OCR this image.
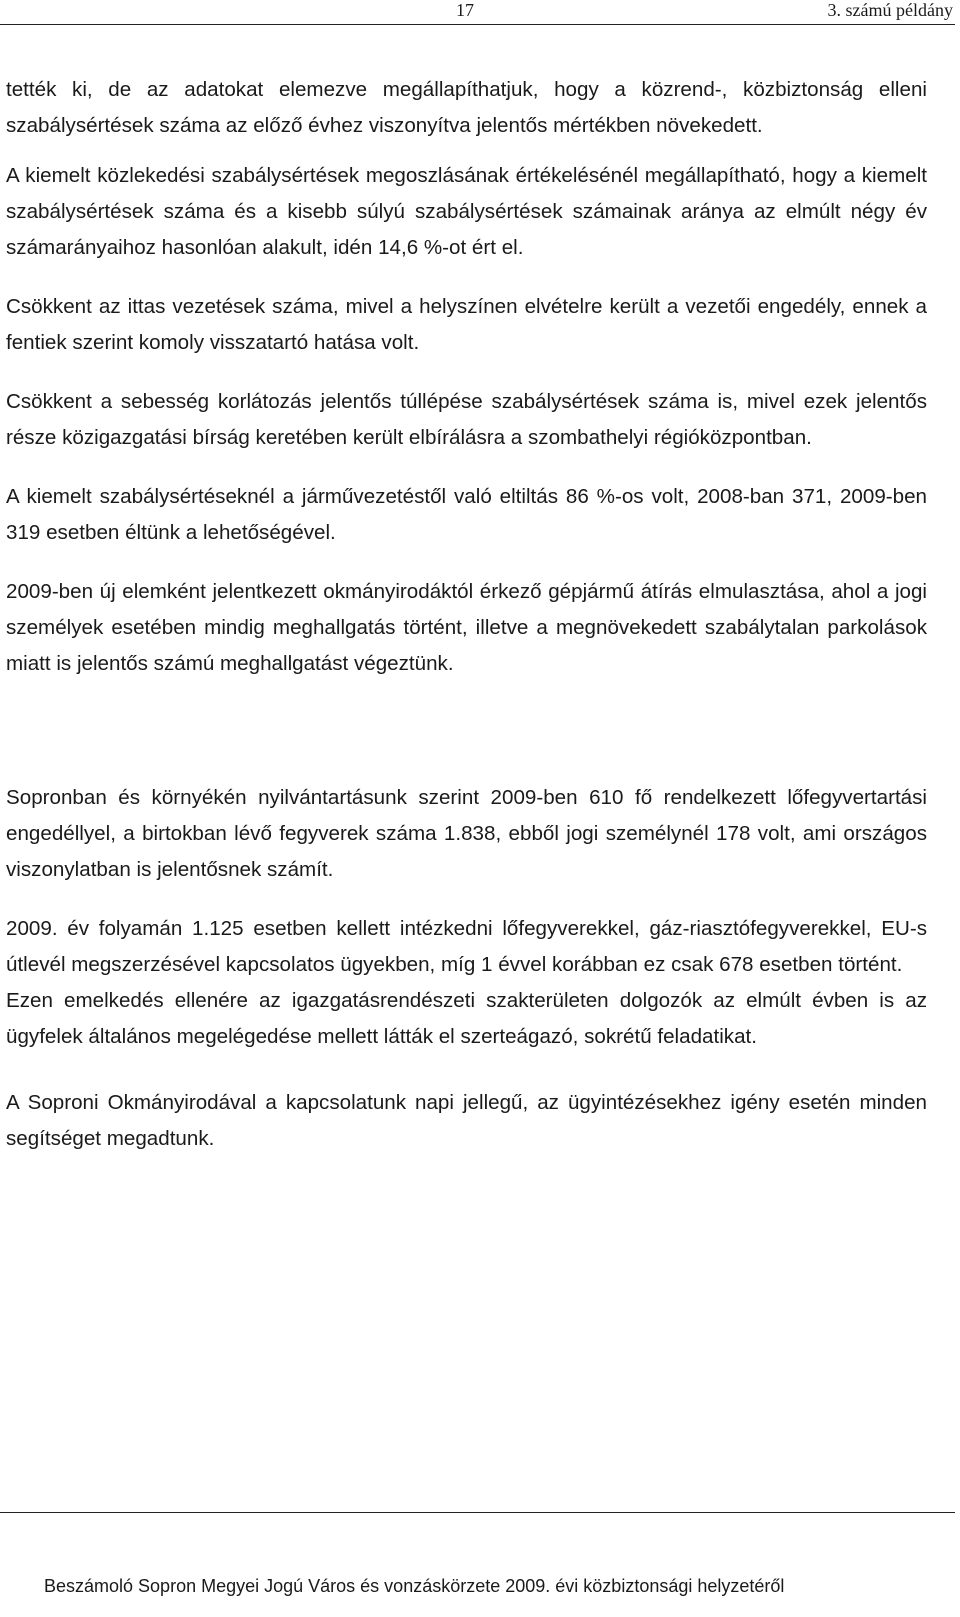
17	3. számú példány

tették ki, de az adatokat elemezve megállapíthatjuk, hogy a közrend-, közbiztonság elleni szabálysértések száma az előző évhez viszonyítva jelentős mértékben növekedett.

A kiemelt közlekedési szabálysértések megoszlásának értékelésénél megállapítható, hogy a kiemelt szabálysértések száma és a kisebb súlyú szabálysértések számainak aránya az elmúlt négy év számarányaihoz hasonlóan alakult, idén 14,6 %-ot ért el.

Csökkent az ittas vezetések száma, mivel a helyszínen elvételre került a vezetői engedély, ennek a fentiek szerint komoly visszatartó hatása volt.

Csökkent a sebesség korlátozás jelentős túllépése szabálysértések száma is, mivel ezek jelentős része közigazgatási bírság keretében került elbírálásra a szombathelyi régióközpontban.

A kiemelt szabálysértéseknél a járművezetéstől való eltiltás 86 %-os volt, 2008-ban 371, 2009-ben 319 esetben éltünk a lehetőségével.

2009-ben új elemként jelentkezett okmányirodáktól érkező gépjármű átírás elmulasztása, ahol a jogi személyek esetében mindig meghallgatás történt, illetve a megnövekedett szabálytalan parkolások miatt is jelentős számú meghallgatást végeztünk.

Sopronban és környékén nyilvántartásunk szerint 2009-ben 610 fő rendelkezett lőfegyvertartási engedéllyel, a birtokban lévő fegyverek száma 1.838, ebből jogi személynél 178 volt, ami országos viszonylatban is jelentősnek számít.

2009. év folyamán 1.125 esetben kellett intézkedni lőfegyverekkel, gáz-riasztófegyverekkel, EU-s útlevél megszerzésével kapcsolatos ügyekben, míg 1 évvel korábban ez csak 678 esetben történt.

Ezen emelkedés ellenére az igazgatásrendészeti szakterületen dolgozók az elmúlt évben is az ügyfelek általános megelégedése mellett látták el szerteágazó, sokrétű feladatikat.

A Soproni Okmányirodával a kapcsolatunk napi jellegű, az ügyintézésekhez igény esetén minden segítséget megadtunk.

Beszámoló Sopron Megyei Jogú Város és vonzáskörzete 2009. évi közbiztonsági helyzetéről
